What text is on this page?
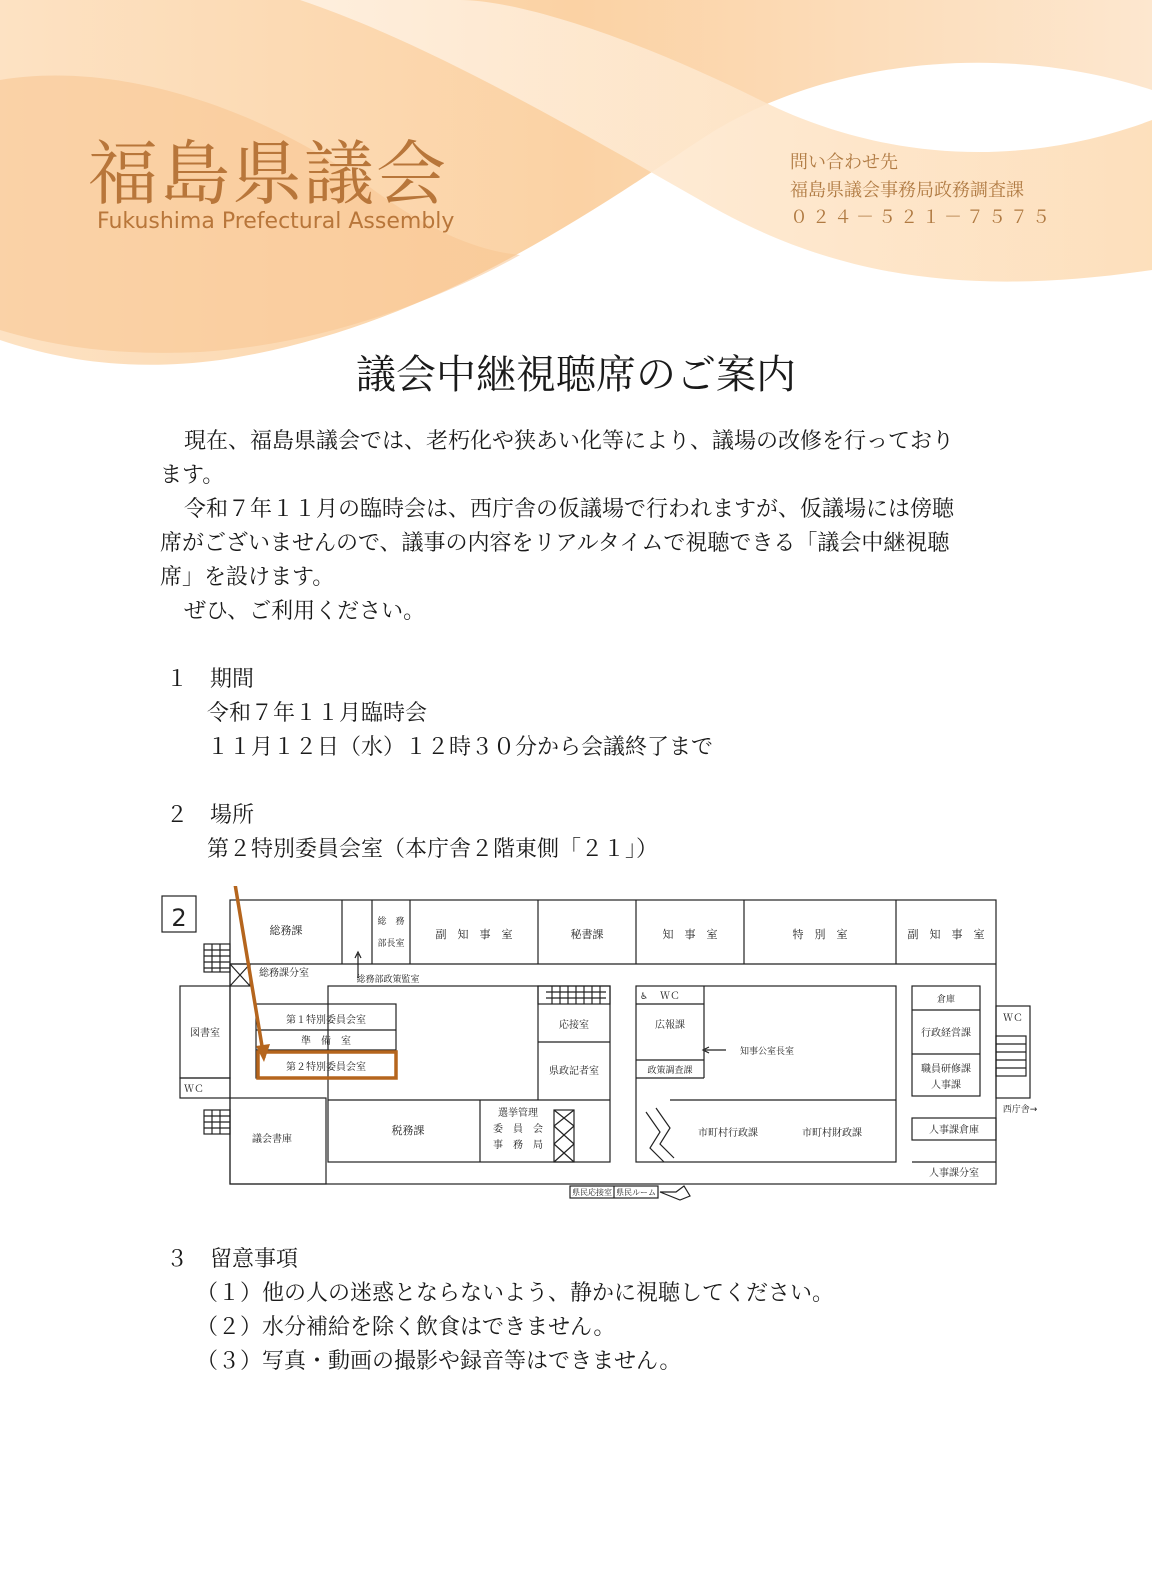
福島県議会
Fukushima Prefectural Assembly
問い合わせ先
福島県議会事務局政務調査課
０２４－５２１－７５７５
議会中継視聴席のご案内
現在、福島県議会では、老朽化や狭あい化等により、議場の改修を行っており
ます。
令和７年１１月の臨時会は、西庁舎の仮議場で行われますが、仮議場には傍聴
席がございませんので、議事の内容をリアルタイムで視聴できる「議会中継視聴
席」を設けます。
ぜひ、ご利用ください。
１　期間
令和７年１１月臨時会
１１月１２日（水）１２時３０分から会議終了まで
２　場所
第２特別委員会室（本庁舎２階東側「２１」）
2	総務課
総　務
部長室
副　知　事　室	秘書課	知　事　室	特　別　室	副　知　事　室
総務課分室
総務部政策監室
図書室
第１特別委員会室
準　備　室
第２特別委員会室
ＷＣ
議会書庫
税務課
選挙管理
委　員　会
事　務　局
応接室
県政記者室
♿ ＷＣ
広報課
知事公室長室
政策調査課
市町村行政課	市町村財政課
倉庫
行政経営課
職員研修課
人事課
人事課倉庫
人事課分室
ＷＣ
西庁舎→
県民応接室 県民ルーム
３　留意事項
（１）他の人の迷惑とならないよう、静かに視聴してください。
（２）水分補給を除く飲食はできません。
（３）写真・動画の撮影や録音等はできません。
